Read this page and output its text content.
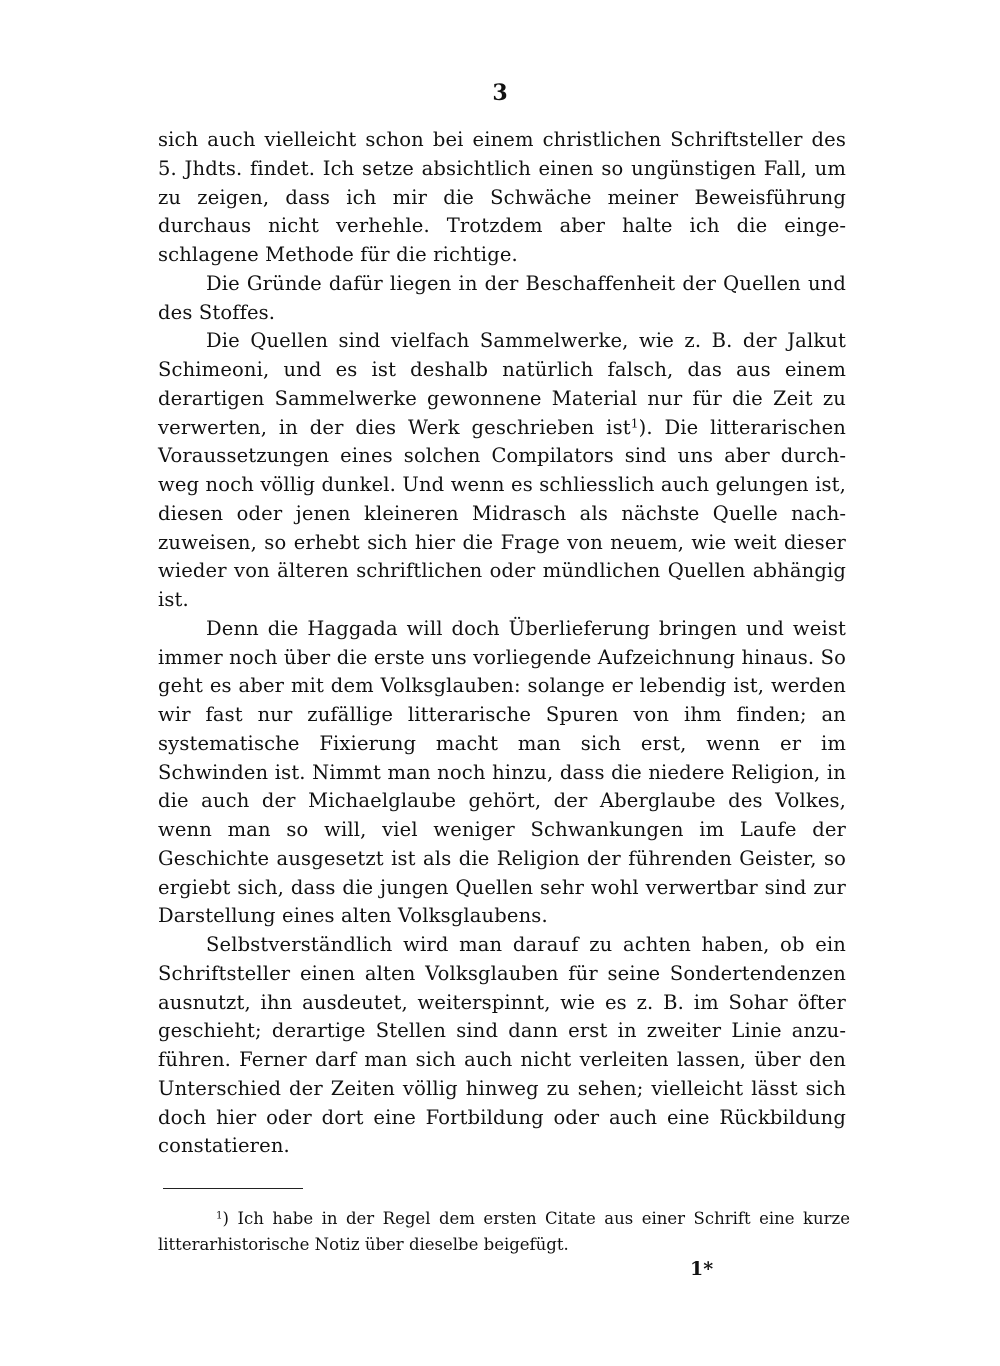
3

sich auch vielleicht schon bei einem christlichen Schriftsteller des 5. Jhdts. findet. Ich setze absichtlich einen so ungünstigen Fall, um zu zeigen, dass ich mir die Schwäche meiner Beweisführung durchaus nicht verhehle. Trotzdem aber halte ich die eingeschlagene Methode für die richtige.

Die Gründe dafür liegen in der Beschaffenheit der Quellen und des Stoffes.

Die Quellen sind vielfach Sammelwerke, wie z. B. der Jalkut Schimeoni, und es ist deshalb natürlich falsch, das aus einem derartigen Sammelwerke gewonnene Material nur für die Zeit zu verwerten, in der dies Werk geschrieben ist$^1$). Die litterarischen Voraussetzungen eines solchen Compilators sind uns aber durchweg noch völlig dunkel. Und wenn es schliesslich auch gelungen ist, diesen oder jenen kleineren Midrasch als nächste Quelle nachzuweisen, so erhebt sich hier die Frage von neuem, wie weit dieser wieder von älteren schriftlichen oder mündlichen Quellen abhängig ist.

Denn die Haggada will doch Überlieferung bringen und weist immer noch über die erste uns vorliegende Aufzeichnung hinaus. So geht es aber mit dem Volksglauben: solange er lebendig ist, werden wir fast nur zufällige litterarische Spuren von ihm finden; an systematische Fixierung macht man sich erst, wenn er im Schwinden ist. Nimmt man noch hinzu, dass die niedere Religion, in die auch der Michaelglaube gehört, der Aberglaube des Volkes, wenn man so will, viel weniger Schwankungen im Laufe der Geschichte ausgesetzt ist als die Religion der führenden Geister, so ergiebt sich, dass die jungen Quellen sehr wohl verwertbar sind zur Darstellung eines alten Volksglaubens.

Selbstverständlich wird man darauf zu achten haben, ob ein Schriftsteller einen alten Volksglauben für seine Sondertendenzen ausnutzt, ihn ausdeutet, weiterspinnt, wie es z. B. im Sohar öfter geschieht; derartige Stellen sind dann erst in zweiter Linie anzuführen. Ferner darf man sich auch nicht verleiten lassen, über den Unterschied der Zeiten völlig hinweg zu sehen; vielleicht lässt sich doch hier oder dort eine Fortbildung oder auch eine Rückbildung constatieren.

$^1$) Ich habe in der Regel dem ersten Citate aus einer Schrift eine kurze litterarhistorische Notiz über dieselbe beigefügt.

1*
